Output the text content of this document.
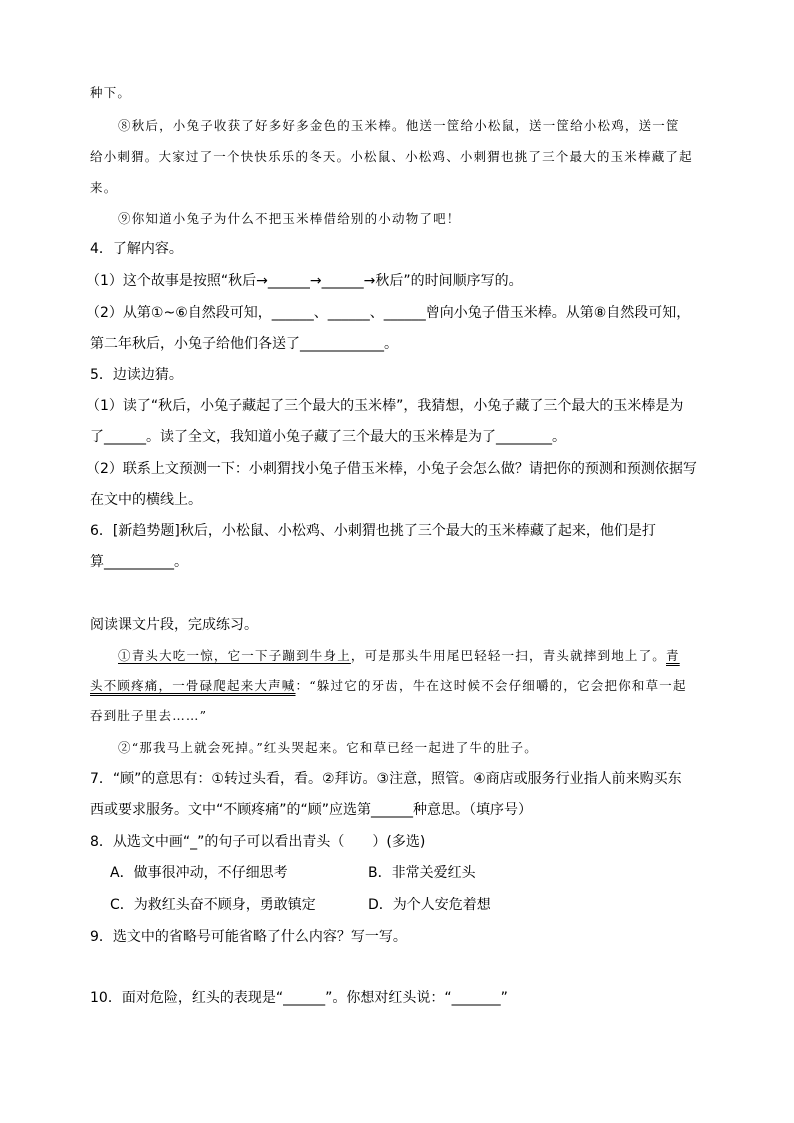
种下。
⑧秋后，小兔子收获了好多好多金色的玉米棒。他送一筐给小松鼠，送一筐给小松鸡，送一筐
给小刺猬。大家过了一个快快乐乐的冬天。小松鼠、小松鸡、小刺猬也挑了三个最大的玉米棒藏了起
来。
⑨你知道小兔子为什么不把玉米棒借给别的小动物了吧！
4．了解内容。
（1）这个故事是按照“秋后→______→______→秋后”的时间顺序写的。
（2）从第①~⑥自然段可知，______、______、______曾向小兔子借玉米棒。从第⑧自然段可知，
第二年秋后，小兔子给他们各送了____________。
5．边读边猜。
（1）读了“秋后，小兔子藏起了三个最大的玉米棒”，我猜想，小兔子藏了三个最大的玉米棒是为
了______。读了全文，我知道小兔子藏了三个最大的玉米棒是为了________。
（2）联系上文预测一下：小刺猬找小兔子借玉米棒，小兔子会怎么做？请把你的预测和预测依据写
在文中的横线上。
6．[新趋势题]秋后，小松鼠、小松鸡、小刺猬也挑了三个最大的玉米棒藏了起来，他们是打
算__________。
阅读课文片段，完成练习。
①青头大吃一惊，它一下子蹦到牛身上，可是那头牛用尾巴轻轻一扫，青头就摔到地上了。青
头不顾疼痛，一骨碌爬起来大声喊：“躲过它的牙齿，牛在这时候不会仔细嚼的，它会把你和草一起
吞到肚子里去……”
②“那我马上就会死掉。”红头哭起来。它和草已经一起进了牛的肚子。
7．“顾”的意思有：①转过头看，看。②拜访。③注意，照管。④商店或服务行业指人前来购买东
西或要求服务。文中“不顾疼痛”的“顾”应选第______种意思。（填序号）
8．从选文中画“_”的句子可以看出青头（　　）(多选)
A．做事很冲动，不仔细思考	B．非常关爱红头
C．为救红头奋不顾身，勇敢镇定	D．为个人安危着想
9．选文中的省略号可能省略了什么内容？写一写。
10．面对危险，红头的表现是“______”。你想对红头说：“_______”
